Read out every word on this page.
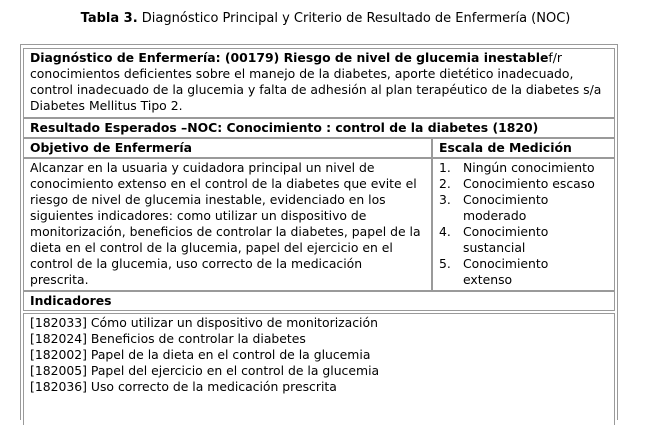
Tabla 3. Diagnóstico Principal y Criterio de Resultado de Enfermería (NOC)
Diagnóstico de Enfermería: (00179) Riesgo de nivel de glucemia inestablef/r conocimientos deficientes sobre el manejo de la diabetes, aporte dietético inadecuado, control inadecuado de la glucemia y falta de adhesión al plan terapéutico de la diabetes s/a Diabetes Mellitus Tipo 2.
Resultado Esperados –NOC: Conocimiento : control de la diabetes (1820)
Objetivo de Enfermería	Escala de Medición
Alcanzar en la usuaria y cuidadora principal un nivel de conocimiento extenso en el control de la diabetes que evite el riesgo de nivel de glucemia inestable, evidenciado en los siguientes indicadores: como utilizar un dispositivo de monitorización, beneficios de controlar la diabetes, papel de la dieta en el control de la glucemia, papel del ejercicio en el control de la glucemia, uso correcto de la medicación prescrita.
1. Ningún conocimiento
2. Conocimiento escaso
3. Conocimiento moderado
4. Conocimiento sustancial
5. Conocimiento extenso
Indicadores
[182033] Cómo utilizar un dispositivo de monitorización
[182024] Beneficios de controlar la diabetes
[182002] Papel de la dieta en el control de la glucemia
[182005] Papel del ejercicio en el control de la glucemia
[182036] Uso correcto de la medicación prescrita
